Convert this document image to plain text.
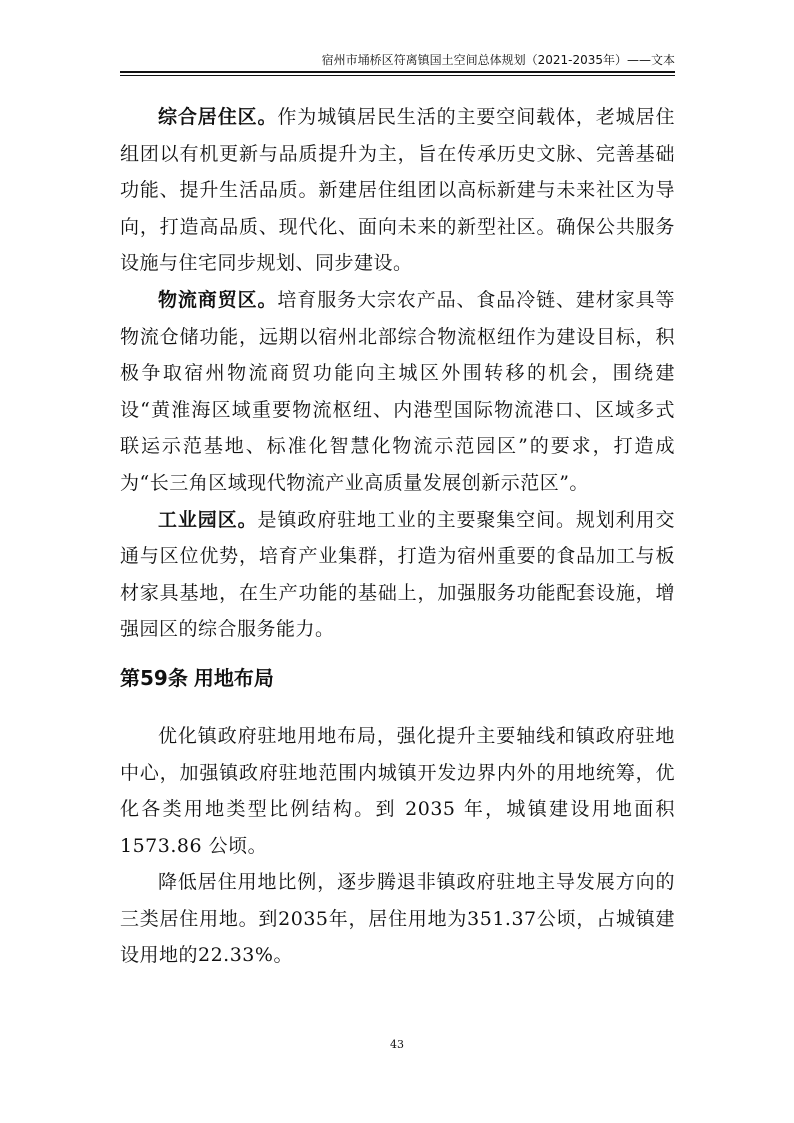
宿州市埇桥区符离镇国土空间总体规划（2021-2035年）——文本

综合居住区。作为城镇居民生活的主要空间载体，老城居住组团以有机更新与品质提升为主，旨在传承历史文脉、完善基础功能、提升生活品质。新建居住组团以高标新建与未来社区为导向，打造高品质、现代化、面向未来的新型社区。确保公共服务设施与住宅同步规划、同步建设。

物流商贸区。培育服务大宗农产品、食品冷链、建材家具等物流仓储功能，远期以宿州北部综合物流枢纽作为建设目标，积极争取宿州物流商贸功能向主城区外围转移的机会，围绕建设“黄淮海区域重要物流枢纽、内港型国际物流港口、区域多式联运示范基地、标准化智慧化物流示范园区”的要求，打造成为“长三角区域现代物流产业高质量发展创新示范区”。

工业园区。是镇政府驻地工业的主要聚集空间。规划利用交通与区位优势，培育产业集群，打造为宿州重要的食品加工与板材家具基地，在生产功能的基础上，加强服务功能配套设施，增强园区的综合服务能力。

第59条 用地布局

优化镇政府驻地用地布局，强化提升主要轴线和镇政府驻地中心，加强镇政府驻地范围内城镇开发边界内外的用地统筹，优化各类用地类型比例结构。到 2035 年，城镇建设用地面积 1573.86 公顷。

降低居住用地比例，逐步腾退非镇政府驻地主导发展方向的三类居住用地。到2035年，居住用地为351.37公顷，占城镇建设用地的22.33%。

43
